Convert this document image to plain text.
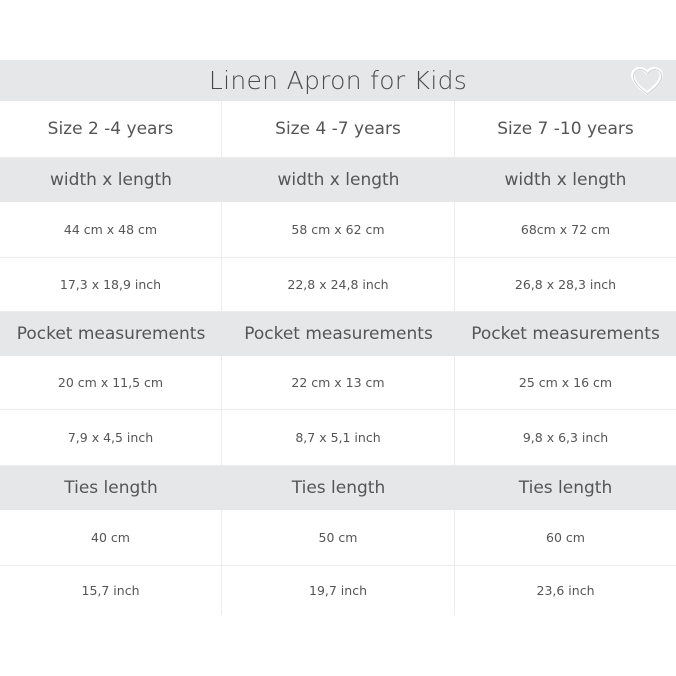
Linen Apron for Kids
Size 2 -4 years	Size 4 -7 years	Size 7 -10 years
width x length	width x length	width x length
44 cm x 48 cm	58 cm x 62 cm	68cm x 72 cm
17,3 x 18,9 inch	22,8 x 24,8 inch	26,8 x 28,3 inch
Pocket measurements	Pocket measurements	Pocket measurements
20 cm x 11,5 cm	22 cm x 13 cm	25 cm x 16 cm
7,9 x 4,5 inch	8,7 x 5,1 inch	9,8 x 6,3 inch
Ties length	Ties length	Ties length
40 cm	50 cm	60 cm
15,7 inch	19,7 inch	23,6 inch
